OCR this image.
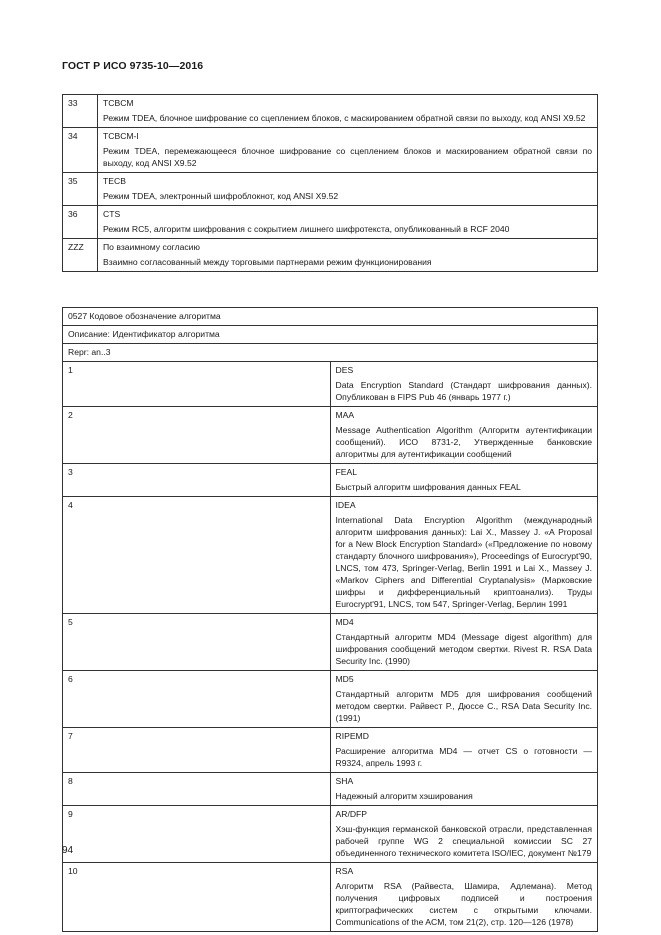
ГОСТ Р ИСО 9735-10—2016
33	TCBCM
Режим TDEA, блочное шифрование со сцеплением блоков, с маскированием обратной связи по выходу, код ANSI X9.52

34	TCBCM-I
Режим TDEA, перемежающееся блочное шифрование со сцеплением блоков и маскированием обратной связи по выходу, код ANSI X9.52

35	TECB
Режим TDEA, электронный шифроблокнот, код ANSI X9.52

36	CTS
Режим RC5, алгоритм шифрования с сокрытием лишнего шифротекста, опубликованный в RCF 2040

ZZZ	По взаимному согласию
Взаимно согласованный между торговыми партнерами режим функционирования
0527 Кодовое обозначение алгоритма	
Описание: Идентификатор алгоритма	
Repr: an..3	
1	DES
Data Encryption Standard (Стандарт шифрования данных). Опубликован в FIPS Pub 46 (январь 1977 г.)

2	MAA
Message Authentication Algorithm (Алгоритм аутентификации сообщений). ИСО 8731-2, Утвержденные банковские алгоритмы для аутентификации сообщений

3	FEAL
Быстрый алгоритм шифрования данных FEAL

4	IDEA
International Data Encryption Algorithm (международный алгоритм шифрования данных): Lai X., Massey J. «A Proposal for a New Block Encryption Standard» («Предложение по новому стандарту блочного шифрования»), Proceedings of Eurocrypt'90, LNCS, том 473, Springer-Verlag, Berlin 1991 и Lai X., Massey J. «Markov Ciphers and Differential Cryptanalysis» (Марковские шифры и дифференциальный криптоанализ). Труды Eurocrypt'91, LNCS, том 547, Springer-Verlag, Берлин 1991

5	MD4
Стандартный алгоритм MD4 (Message digest algorithm) для шифрования сообщений методом свертки. Rivest R. RSA Data Security Inc. (1990)

6	MD5
Стандартный алгоритм MD5 для шифрования сообщений методом свертки. Райвест Р., Дюссе С., RSA Data Security Inc. (1991)

7	RIPEMD
Расширение алгоритма MD4 — отчет CS о готовности — R9324, апрель 1993 г.

8	SHA
Надежный алгоритм хэширования

9	AR/DFP
Хэш-функция германской банковской отрасли, представленная рабочей группе WG 2 специальной комиссии SC 27 объединенного технического комитета ISO/IEC, документ №179

10	RSA
Алгоритм RSA (Райвеста, Шамира, Адлемана). Метод получения цифровых подписей и построения криптографических систем с открытыми ключами. Communications of the ACM, том 21(2), стр. 120—126 (1978)
94
